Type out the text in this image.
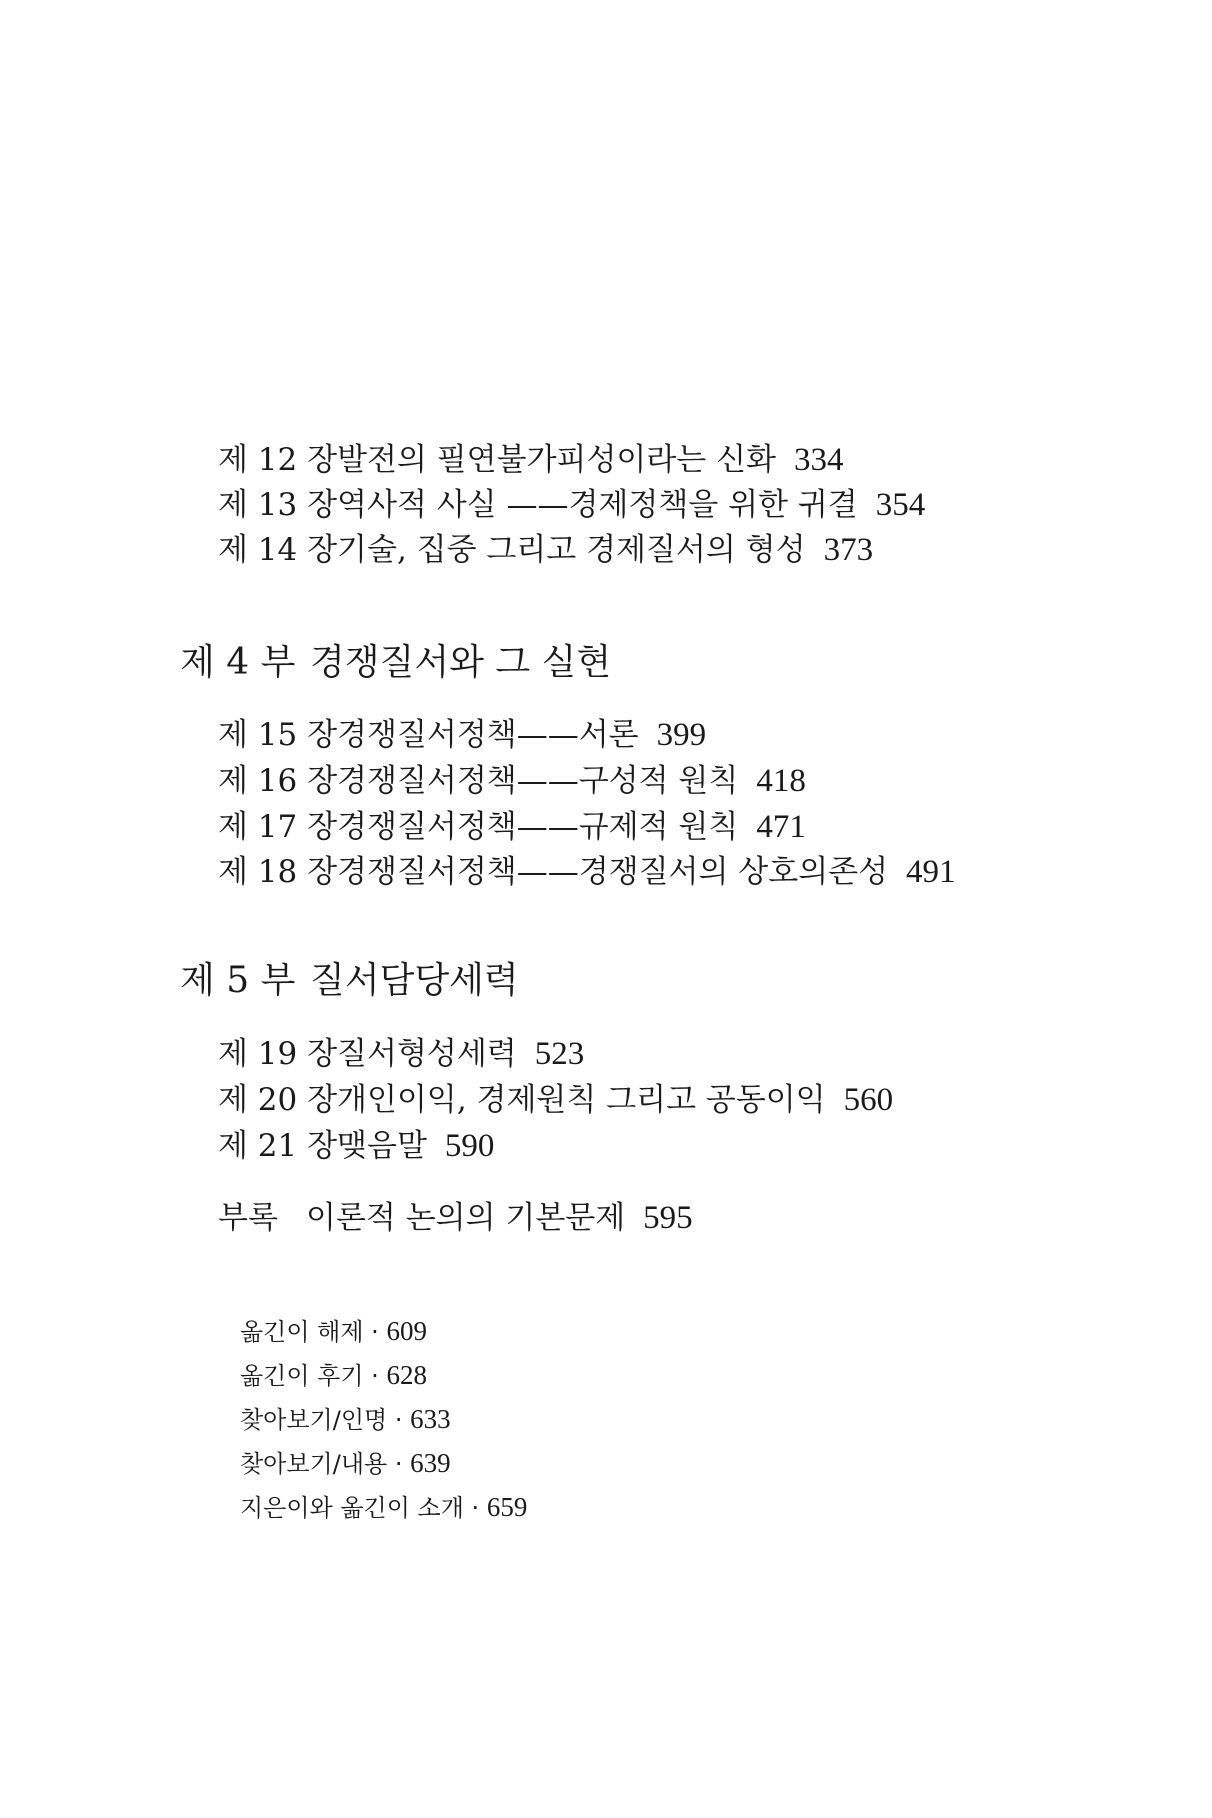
제 12 장발전의 필연불가피성이라는 신화 334
제 13 장역사적 사실 ——경제정책을 위한 귀결 354
제 14 장기술, 집중 그리고 경제질서의 형성 373
제 4 부 경쟁질서와 그 실현
제 15 장경쟁질서정책——서론 399
제 16 장경쟁질서정책——구성적 원칙 418
제 17 장경쟁질서정책——규제적 원칙 471
제 18 장경쟁질서정책——경쟁질서의 상호의존성 491
제 5 부 질서담당세력
제 19 장질서형성세력 523
제 20 장개인이익, 경제원칙 그리고 공동이익 560
제 21 장맺음말 590
부록 이론적 논의의 기본문제 595
옮긴이 해제 · 609
옮긴이 후기 · 628
찾아보기/인명 · 633
찾아보기/내용 · 639
지은이와 옮긴이 소개 · 659
